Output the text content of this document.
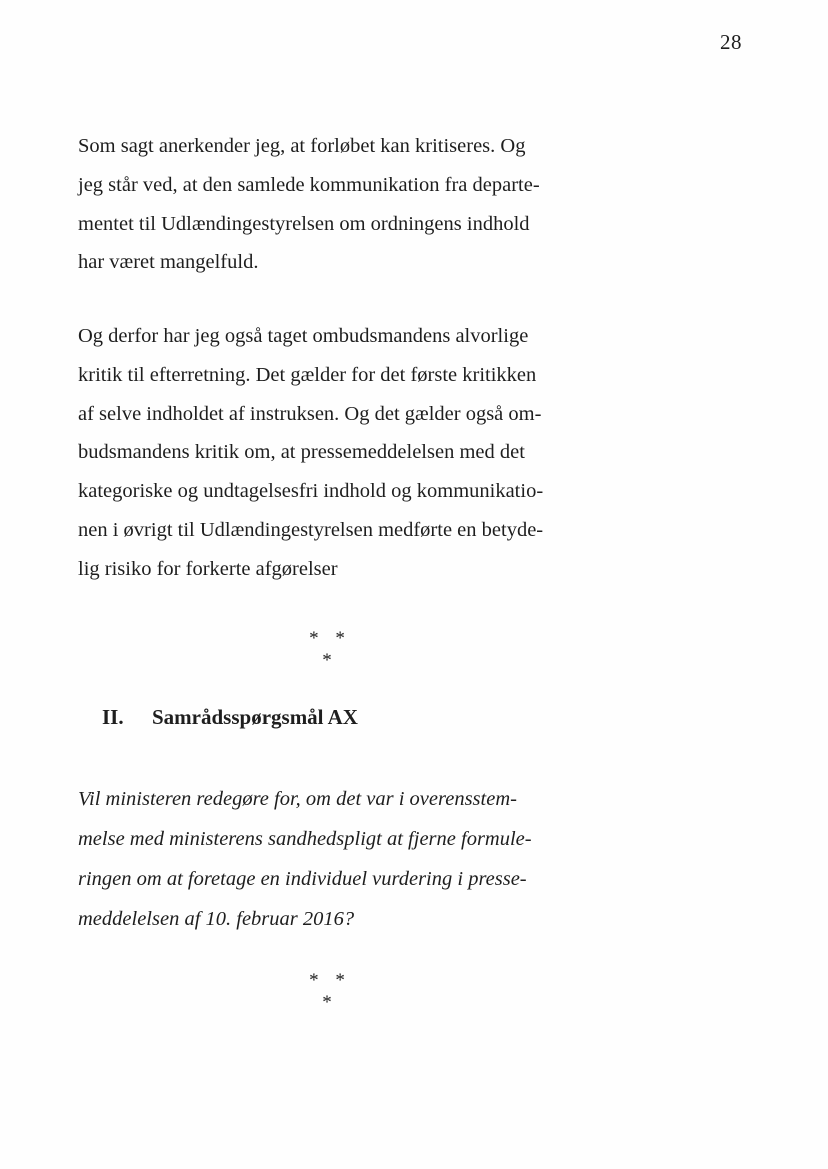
28

Som sagt anerkender jeg, at forløbet kan kritiseres. Og
jeg står ved, at den samlede kommunikation fra departe-
mentet til Udlændingestyrelsen om ordningens indhold
har været mangelfuld.

Og derfor har jeg også taget ombudsmandens alvorlige
kritik til efterretning. Det gælder for det første kritikken
af selve indholdet af instruksen. Og det gælder også om-
budsmandens kritik om, at pressemeddelelsen med det
kategoriske og undtagelsesfri indhold og kommunikatio-
nen i øvrigt til Udlændingestyrelsen medførte en betyde-
lig risiko for forkerte afgørelser

* * *
II. Samrådsspørgsmål AX

Vil ministeren redegøre for, om det var i overensstem-
melse med ministerens sandhedspligt at fjerne formule-
ringen om at foretage en individuel vurdering i presse-
meddelelsen af 10. februar 2016?

* * *
